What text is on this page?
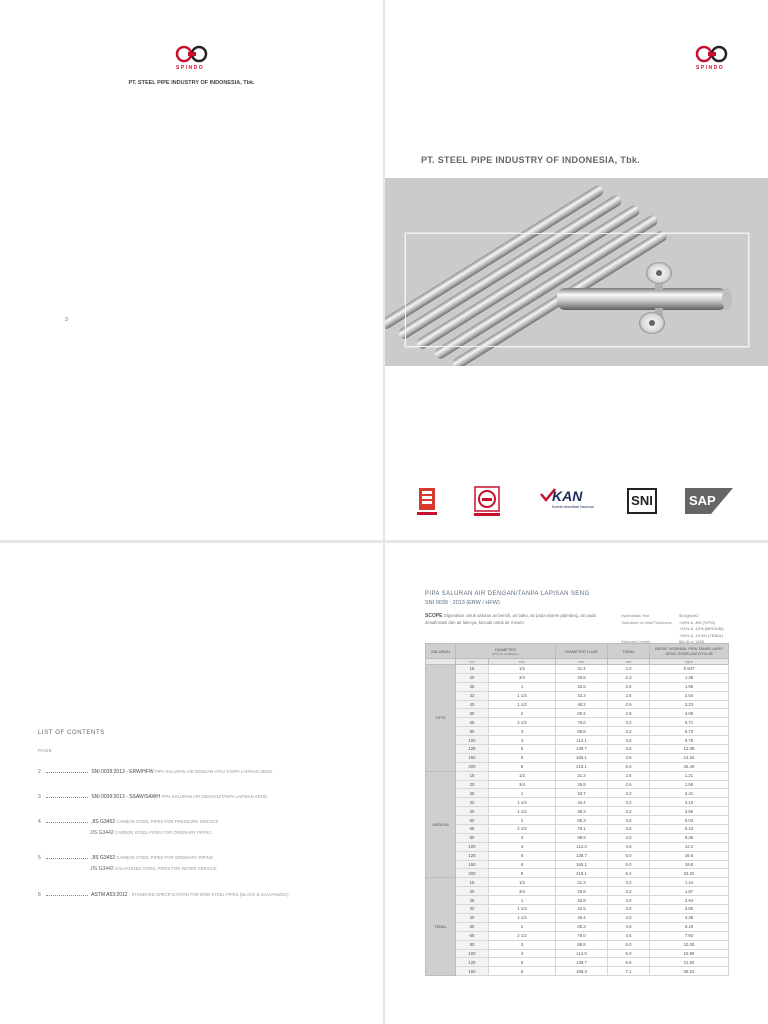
SPINDO
PT. STEEL PIPE INDUSTRY OF INDONESIA, Tbk.
3
SPINDO
PT. STEEL PIPE INDUSTRY OF INDONESIA, Tbk.
KAN
Komite Akreditasi Nasional	SNI	SAP
LIST OF CONTENTS
PAGE
2	SNI 0039:2013 - ERW/HFW PIPA SALURAN AIR DENGAN ATAU TANPA LAPISAN SENG
3	SNI 0039:2013 - SSAW/SAWH PIPA SALURAN AIR DENGAN/TANPA LAPISAN SENG
4	JIS G3452 CARBON STEEL PIPES FOR PRESSURE SERVICE
JIS G3442 CARBON STEEL PIPES FOR ORDINARY PIPING
5	JIS G3452 CARBON STEEL PIPES FOR ORDINARY PIPING
JIS G3442 GALVANIZED STEEL PIPES FOR WATER SERVICE
6	ASTM A53:2012 - STANDARD SPECIFICATION FOR ERW STEEL PIPES (BLACK & GALVANIZED)
PIPA SALURAN AIR DENGAN/TANPA LAPISAN SENG
SNI 0039 : 2013 (ERW / HFW)
SCOPE Digunakan untuk saluran air bersih, air baku, air pada sistem plambing, air pada desalinisasi dan air lainnya, kecuali untuk air minum
Hydrostatic Test	50 kgf/cm2
Tolerance on Wall Thickness +15% & -8% (TIPIS)
+15% & -10% (MEDIUM)
+15% & -10.5% (TEBAL)
Standard Length	6M (6 or 12M)
SALURAN	DIAMETER
(DN) (IN NOMINAL)		DIAMETER LUAR	TEBAL	BERAT NOMINAL PIPA TANPA LAPIS SENG SEBELUM DYULIR
	mm	inch	mm	mm	kg/m
TIPIS	15	1/2	21.4	2.0	0.947
	20	3/4	26.8	2.3	1.38
	25	1	33.6	2.6	1.96
	32	1 1/4	42.3	2.6	2.54
	40	1 1/2	48.2	2.9	3.23
	50	2	60.2	2.9	4.08
	65	2 1/2	76.0	3.2	5.71
	80	3	88.8	3.2	6.72
	100	4	114.1	3.6	9.75
	125	5	139.7	3.6	12.08
	150	6	165.1	3.6	14.34
	200	8	219.1	5.0	26.40
MEDIUM	15	1/2	21.3	2.6	1.21
	20	3/4	26.9	2.6	1.56
	25	1	33.7	3.2	2.41
	32	1 1/4	42.4	3.2	3.10
	40	1 1/2	48.3	3.2	3.56
	50	2	60.3	3.6	5.03
	65	2 1/2	76.1	3.6	6.43
	80	3	88.9	4.0	8.36
	100	4	114.3	4.5	12.2
	125	5	139.7	5.0	16.6
	150	6	165.1	5.0	19.8
	200	8	219.1	6.4	33.32
TEBAL	15	1/2	21.3	3.2	1.44
	20	3/4	26.9	3.2	1.87
	25	1	33.8	4.0	2.94
	32	1 1/4	42.5	4.0	3.80
	40	1 1/2	48.4	4.0	4.38
	50	2	60.3	4.5	6.19
	65	2 1/2	76.0	4.5	7.93
	80	3	88.8	5.0	10.30
	100	4	114.0	6.0	15.99
	125	5	139.7	6.6	21.92
	150	6	168.3	7.1	28.22
